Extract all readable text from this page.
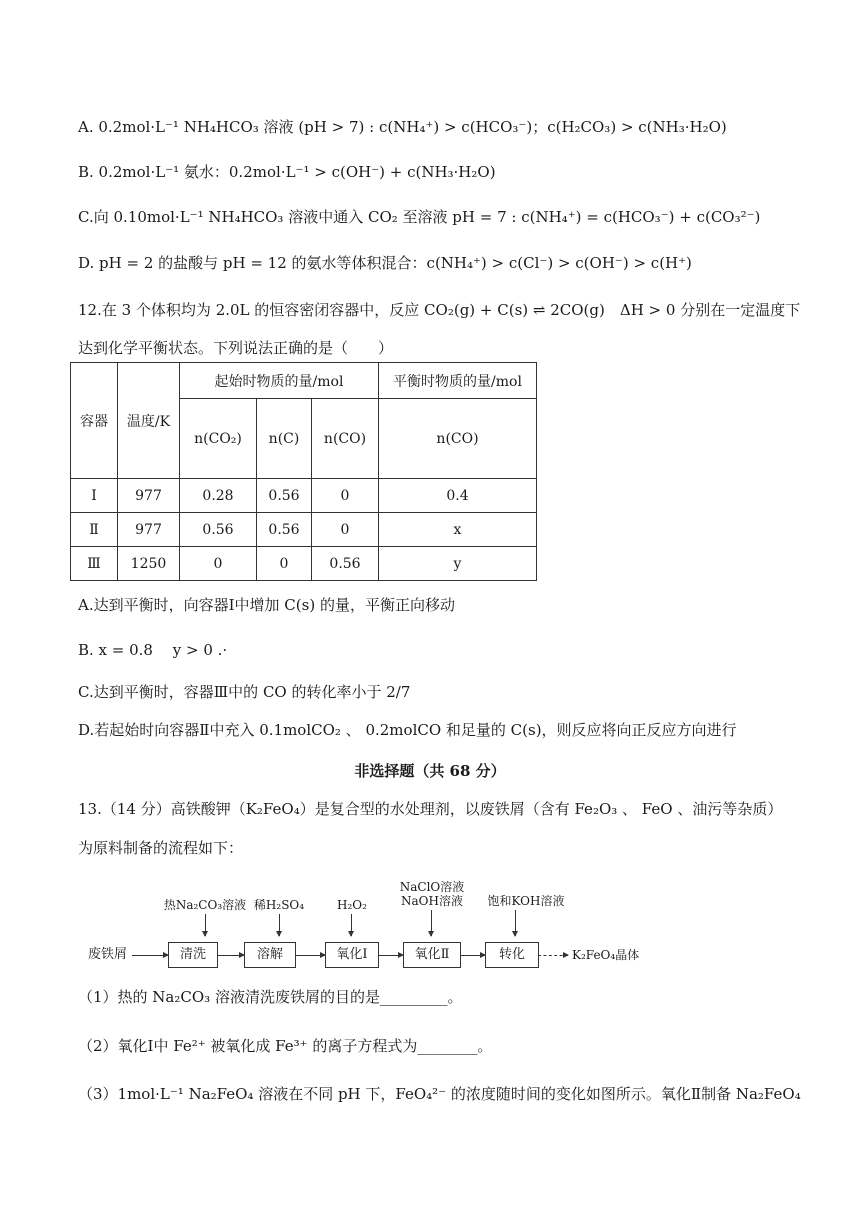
A. 0.2mol·L⁻¹ NH₄HCO₃ 溶液 (pH > 7) : c(NH₄⁺) > c(HCO₃⁻)；c(H₂CO₃) > c(NH₃·H₂O)
B. 0.2mol·L⁻¹ 氨水：0.2mol·L⁻¹ > c(OH⁻) + c(NH₃·H₂O)
C.向 0.10mol·L⁻¹ NH₄HCO₃ 溶液中通入 CO₂ 至溶液 pH = 7 : c(NH₄⁺) = c(HCO₃⁻) + c(CO₃²⁻)
D. pH = 2 的盐酸与 pH = 12 的氨水等体积混合：c(NH₄⁺) > c(Cl⁻) > c(OH⁻) > c(H⁺)
12.在 3 个体积均为 2.0L 的恒容密闭容器中，反应 CO₂(g) + C(s) ⇌ 2CO(g)　ΔH > 0 分别在一定温度下
达到化学平衡状态。下列说法正确的是（　　）
容器	温度/K	起始时物质的量/mol			平衡时物质的量/mol
		n(CO₂)	n(C)	n(CO)	n(CO)
Ⅰ	977	0.28	0.56	0	0.4
Ⅱ	977	0.56	0.56	0	x
Ⅲ	1250	0	0	0.56	y
A.达到平衡时，向容器Ⅰ中增加 C(s) 的量，平衡正向移动
B. x = 0.8　 y > 0 .·
C.达到平衡时，容器Ⅲ中的 CO 的转化率小于 2/7
D.若起始时向容器Ⅱ中充入 0.1molCO₂ 、 0.2molCO 和足量的 C(s)，则反应将向正反应方向进行
非选择题（共 68 分）
13.（14 分）高铁酸钾（K₂FeO₄）是复合型的水处理剂，以废铁屑（含有 Fe₂O₃ 、 FeO 、油污等杂质）
为原料制备的流程如下：
热Na₂CO₃溶液 稀H₂SO₄	H₂O₂
NaClO溶液
NaOH溶液	饱和KOH溶液
废铁屑	清洗	溶解	氧化Ⅰ	氧化Ⅱ	转化	K₂FeO₄晶体
（1）热的 Na₂CO₃ 溶液清洗废铁屑的目的是_________。
（2）氧化Ⅰ中 Fe²⁺ 被氧化成 Fe³⁺ 的离子方程式为________。
（3）1mol·L⁻¹ Na₂FeO₄ 溶液在不同 pH 下，FeO₄²⁻ 的浓度随时间的变化如图所示。氧化Ⅱ制备 Na₂FeO₄
